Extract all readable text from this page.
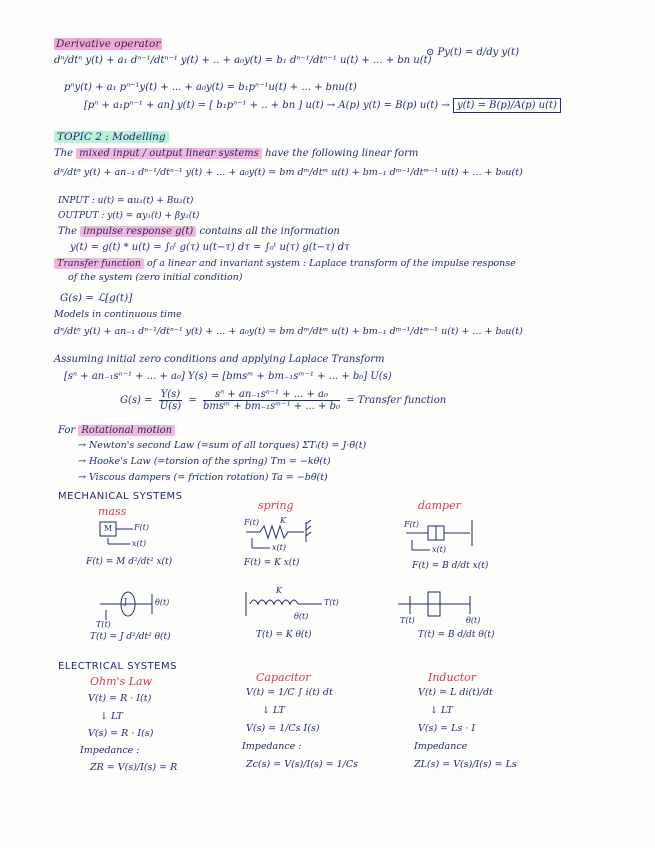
Derivative operator
dⁿ/dtⁿ y(t) + a₁ dⁿ⁻¹/dtⁿ⁻¹ y(t) + .. + a₀y(t) = b₁ dⁿ⁻¹/dtⁿ⁻¹ u(t) + ... + bn u(t)
⊙ Py(t) = d/dy y(t)
pⁿy(t) + a₁ pⁿ⁻¹y(t) + ... + a₀y(t) = b₁pⁿ⁻¹u(t) + ... + bnu(t)
[pⁿ + a₁pⁿ⁻¹ + an] y(t) = [ b₁pⁿ⁻¹ + .. + bn ] u(t) → A(p) y(t) = B(p) u(t) → y(t) = B(p)/A(p) u(t)
TOPIC 2 : Modelling
The mixed input / output linear systems have the following linear form
dⁿ/dtⁿ y(t) + an₋₁ dⁿ⁻¹/dtⁿ⁻¹ y(t) + ... + a₀y(t) = bm dᵐ/dtᵐ u(t) + bm₋₁ dᵐ⁻¹/dtᵐ⁻¹ u(t) + ... + b₀u(t)
INPUT : u(t) = αu₁(t) + Bu₂(t)
OUTPUT : y(t) = αy₁(t) + βy₂(t)
The impulse response g(t) contains all the information
y(t) = g(t) * u(t) = ∫₀ᵗ g(τ) u(t−τ) dτ = ∫₀ᵗ u(τ) g(t−τ) dτ
Transfer function of a linear and invariant system : Laplace transform of the impulse response
of the system (zero initial condition)
G(s) = ℒ[g(t)]
Models in continuous time
dⁿ/dtⁿ y(t) + an₋₁ dⁿ⁻¹/dtⁿ⁻¹ y(t) + ... + a₀y(t) = bm dᵐ/dtᵐ u(t) + bm₋₁ dᵐ⁻¹/dtᵐ⁻¹ u(t) + ... + b₀u(t)
Assuming initial zero conditions and applying Laplace Transform
[sⁿ + an₋₁sⁿ⁻¹ + ... + a₀] Y(s) = [bmsᵐ + bm₋₁sᵐ⁻¹ + ... + b₀] U(s)
$G(s) = \frac{Y(s)}{U(s)}$ =
sⁿ + an₋₁sⁿ⁻¹ + ... + a₀
bmsᵐ + bm₋₁sᵐ⁻¹ + ... + b₀
= Transfer function
For Rotational motion
→ Newton's second Law (=sum of all torques) ΣTᵢ(t) = J·θ̈(t)
→ Hooke's Law (=torsion of the spring) Tm = −kθ(t)
→ Viscous dampers (= friction rotation) Ta = −bθ̇(t)
MECHANICAL SYSTEMS
mass	spring	damper
M	F(t)
x(t)
F(t) = M d²/dt² x(t)
F(t)	K
x(t)
F(t) = K x(t)
F(t)
x(t)
F(t) = B d/dt x(t)
J	θ(t)
T(t)
T(t) = J d²/dt² θ(t)
K
T(t)
θ(t)
T(t) = K θ(t)
T(t)	θ(t)
T(t) = B d/dt θ(t)
ELECTRICAL SYSTEMS
Ohm's Law
V(t) = R · I(t)
↓ LT
V(s) = R · I(s)
Impedance :
ZR = V(s)/I(s) = R
Capacitor
V(t) = 1/C ∫ i(t) dt
↓ LT
V(s) = 1/Cs I(s)
Impedance :
Zc(s) = V(s)/I(s) = 1/Cs
Inductor
V(t) = L di(t)/dt
↓ LT
V(s) = Ls · I
Impedance
ZL(s) = V(s)/I(s) = Ls
